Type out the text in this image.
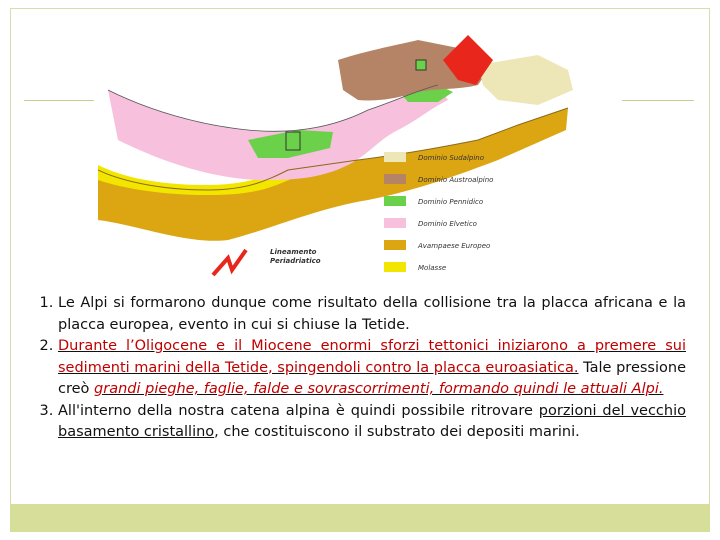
Dominio Sudalpino
Dominio Austroalpino
Dominio Pennidico
Dominio Elvetico
Avampaese Europeo
Molasse
Lineamento
Periadriatico
1. Le Alpi si formarono dunque come risultato della collisione tra la placca africana e la placca europea, evento in cui si chiuse la Tetide.
2. Durante l’Oligocene e il Miocene enormi sforzi tettonici iniziarono a premere sui sedimenti marini della Tetide, spingendoli contro la placca euroasiatica. Tale pressione creò grandi pieghe, faglie, falde e sovrascorrimenti, formando quindi le attuali Alpi.
3. All'interno della nostra catena alpina è quindi possibile ritrovare porzioni del vecchio basamento cristallino, che costituiscono il substrato dei depositi marini.
